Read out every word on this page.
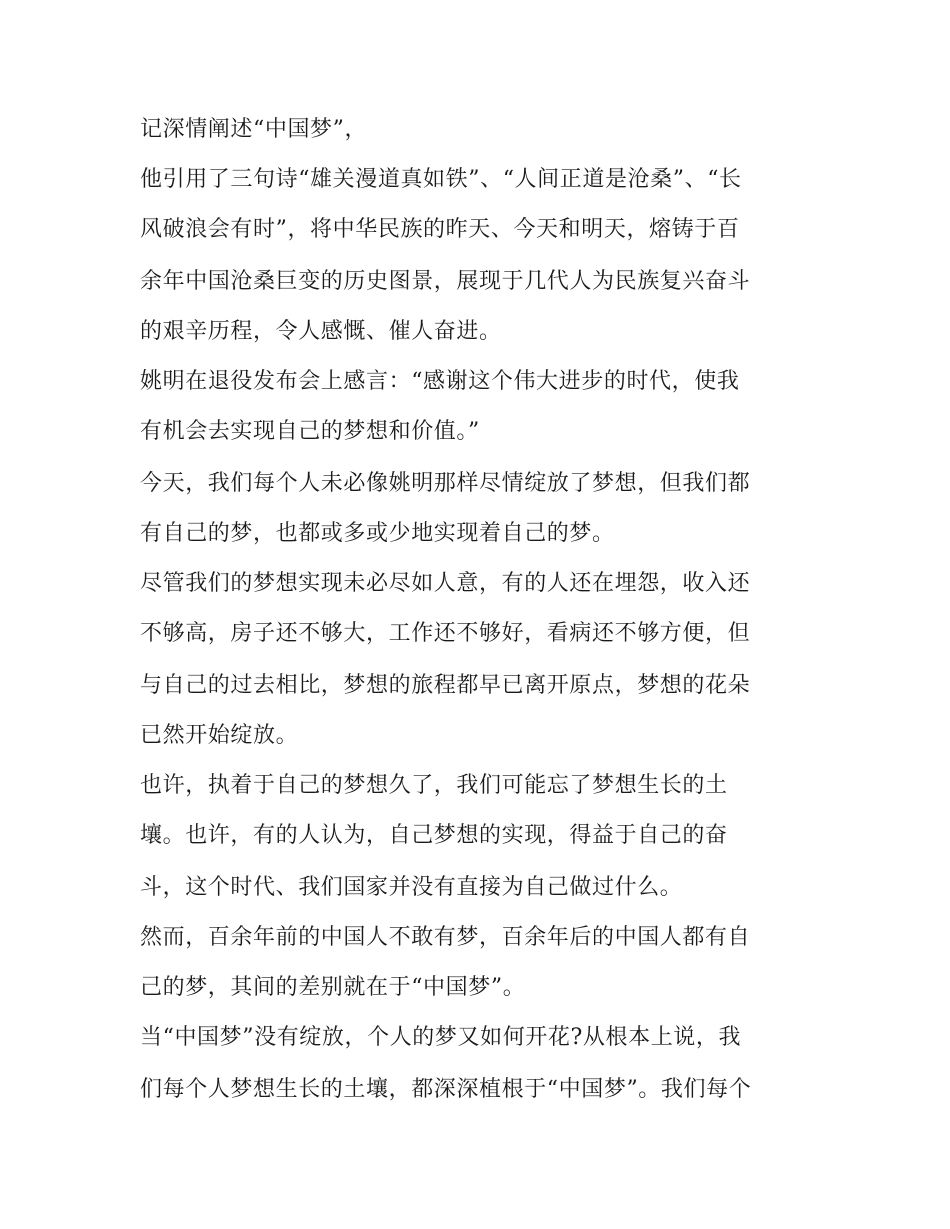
记深情阐述“中国梦”，
他引用了三句诗“雄关漫道真如铁”、“人间正道是沧桑”、“长
风破浪会有时”，将中华民族的昨天、今天和明天，熔铸于百
余年中国沧桑巨变的历史图景，展现于几代人为民族复兴奋斗
的艰辛历程，令人感慨、催人奋进。
姚明在退役发布会上感言：“感谢这个伟大进步的时代，使我
有机会去实现自己的梦想和价值。”
今天，我们每个人未必像姚明那样尽情绽放了梦想，但我们都
有自己的梦，也都或多或少地实现着自己的梦。
尽管我们的梦想实现未必尽如人意，有的人还在埋怨，收入还
不够高，房子还不够大，工作还不够好，看病还不够方便，但
与自己的过去相比，梦想的旅程都早已离开原点，梦想的花朵
已然开始绽放。
也许，执着于自己的梦想久了，我们可能忘了梦想生长的土
壤。也许，有的人认为，自己梦想的实现，得益于自己的奋
斗，这个时代、我们国家并没有直接为自己做过什么。
然而，百余年前的中国人不敢有梦，百余年后的中国人都有自
己的梦，其间的差别就在于“中国梦”。
当“中国梦”没有绽放，个人的梦又如何开花?从根本上说，我
们每个人梦想生长的土壤，都深深植根于“中国梦”。我们每个
